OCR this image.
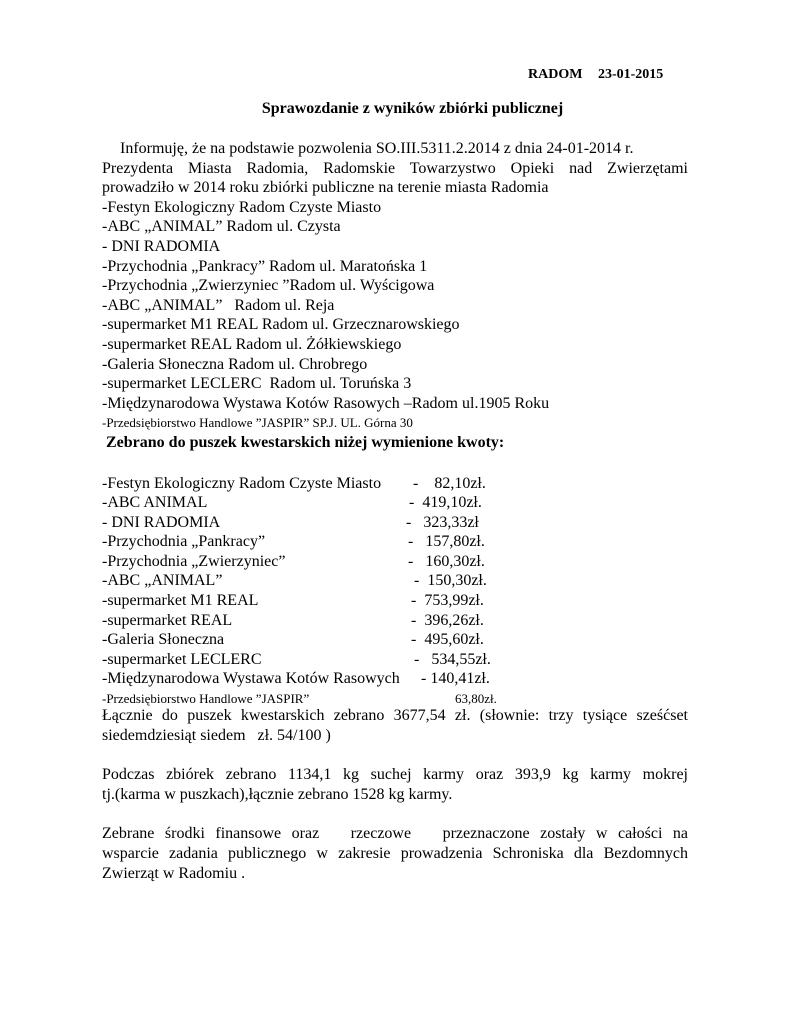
RADOM 23-01-2015
Sprawozdanie z wyników zbiórki publicznej
Informuję, że na podstawie pozwolenia SO.III.5311.2.2014 z dnia 24-01-2014 r.
Prezydenta Miasta Radomia, Radomskie Towarzystwo Opieki nad Zwierzętami
prowadziło w 2014 roku zbiórki publiczne na terenie miasta Radomia
-Festyn Ekologiczny Radom Czyste Miasto
-ABC „ANIMAL” Radom ul. Czysta
- DNI RADOMIA
-Przychodnia „Pankracy” Radom ul. Maratońska 1
-Przychodnia „Zwierzyniec ”Radom ul. Wyścigowa
-ABC „ANIMAL”   Radom ul. Reja
-supermarket M1 REAL Radom ul. Grzecznarowskiego
-supermarket REAL Radom ul. Żółkiewskiego
-Galeria Słoneczna Radom ul. Chrobrego
-supermarket LECLERC  Radom ul. Toruńska 3
-Międzynarodowa Wystawa Kotów Rasowych –Radom ul.1905 Roku
-Przedsiębiorstwo Handlowe ”JASPIR” SP.J. UL. Górna 30
Zebrano do puszek kwestarskich niżej wymienione kwoty:
-Festyn Ekologiczny Radom Czyste Miasto -    82,10zł.
-ABC ANIMAL	-  419,10zł.
- DNI RADOMIA	-   323,33zł
-Przychodnia „Pankracy”	-   157,80zł.
-Przychodnia „Zwierzyniec”	-   160,30zł.
-ABC „ANIMAL”	-  150,30zł.
-supermarket M1 REAL	-  753,99zł.
-supermarket REAL	-  396,26zł.
-Galeria Słoneczna	-  495,60zł.
-supermarket LECLERC	-   534,55zł.
-Międzynarodowa Wystawa Kotów Rasowych - 140,41zł.
-Przedsiębiorstwo Handlowe ”JASPIR”	63,80zł.
Łącznie do puszek kwestarskich zebrano 3677,54 zł. (słownie: trzy tysiące sześćset
siedemdziesiąt siedem   zł. 54/100 )
Podczas zbiórek zebrano 1134,1 kg suchej karmy oraz 393,9 kg karmy mokrej
tj.(karma w puszkach),łącznie zebrano 1528 kg karmy.
Zebrane środki finansowe oraz   rzeczowe   przeznaczone zostały w całości na
wsparcie zadania publicznego w zakresie prowadzenia Schroniska dla Bezdomnych
Zwierząt w Radomiu .
